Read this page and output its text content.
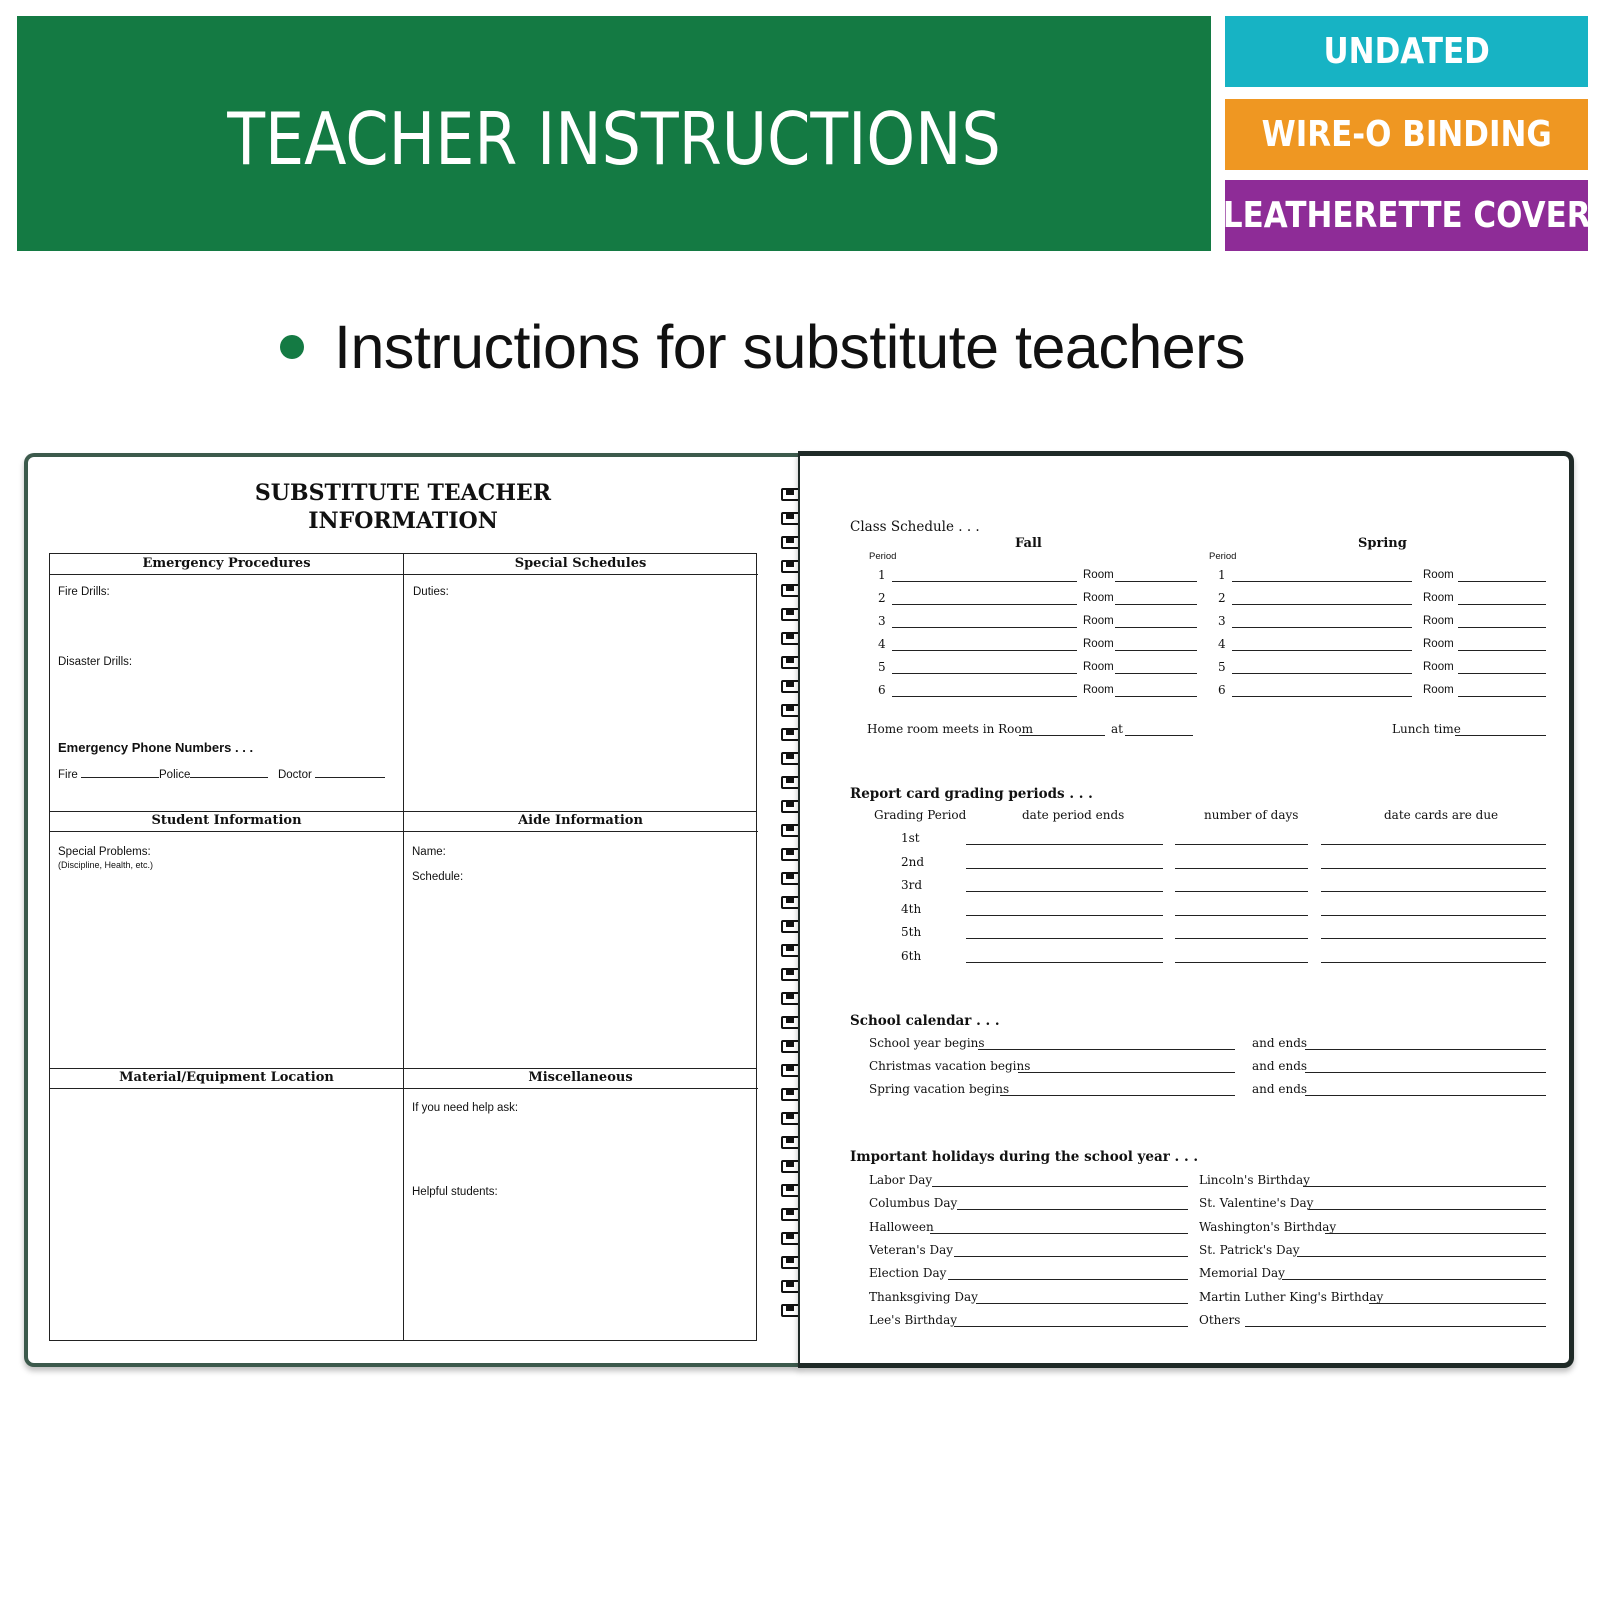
TEACHER INSTRUCTIONS
UNDATED
WIRE-O BINDING
LEATHERETTE COVER
Instructions for substitute teachers
SUBSTITUTE TEACHER
INFORMATION
Emergency Procedures
Fire Drills:
Disaster Drills:
Emergency Phone Numbers . . .
Fire	Police	Doctor
Special Schedules
Duties:
Student Information
Special Problems:
(Discipline, Health, etc.)
Aide Information
Name:
Schedule:
Material/Equipment Location	Miscellaneous
If you need help ask:
Helpful students:
Class Schedule . . .
Fall	Spring
Period	Period
1	Room	1	Room
2	Room	2	Room
3	Room	3	Room
4	Room	4	Room
5	Room	5	Room
6	Room	6	Room
Home room meets in Room	at	Lunch time
Report card grading periods . . .
Grading Period	date period ends	number of days	date cards are due
1st
2nd
3rd
4th
5th
6th
School calendar . . .
School year begins	and ends
Christmas vacation begins	and ends
Spring vacation begins	and ends
Important holidays during the school year . . .
Labor Day	Lincoln's Birthday
Columbus Day	St. Valentine's Day
Halloween	Washington's Birthday
Veteran's Day	St. Patrick's Day
Election Day	Memorial Day
Thanksgiving Day	Martin Luther King's Birthday
Lee's Birthday	Others
